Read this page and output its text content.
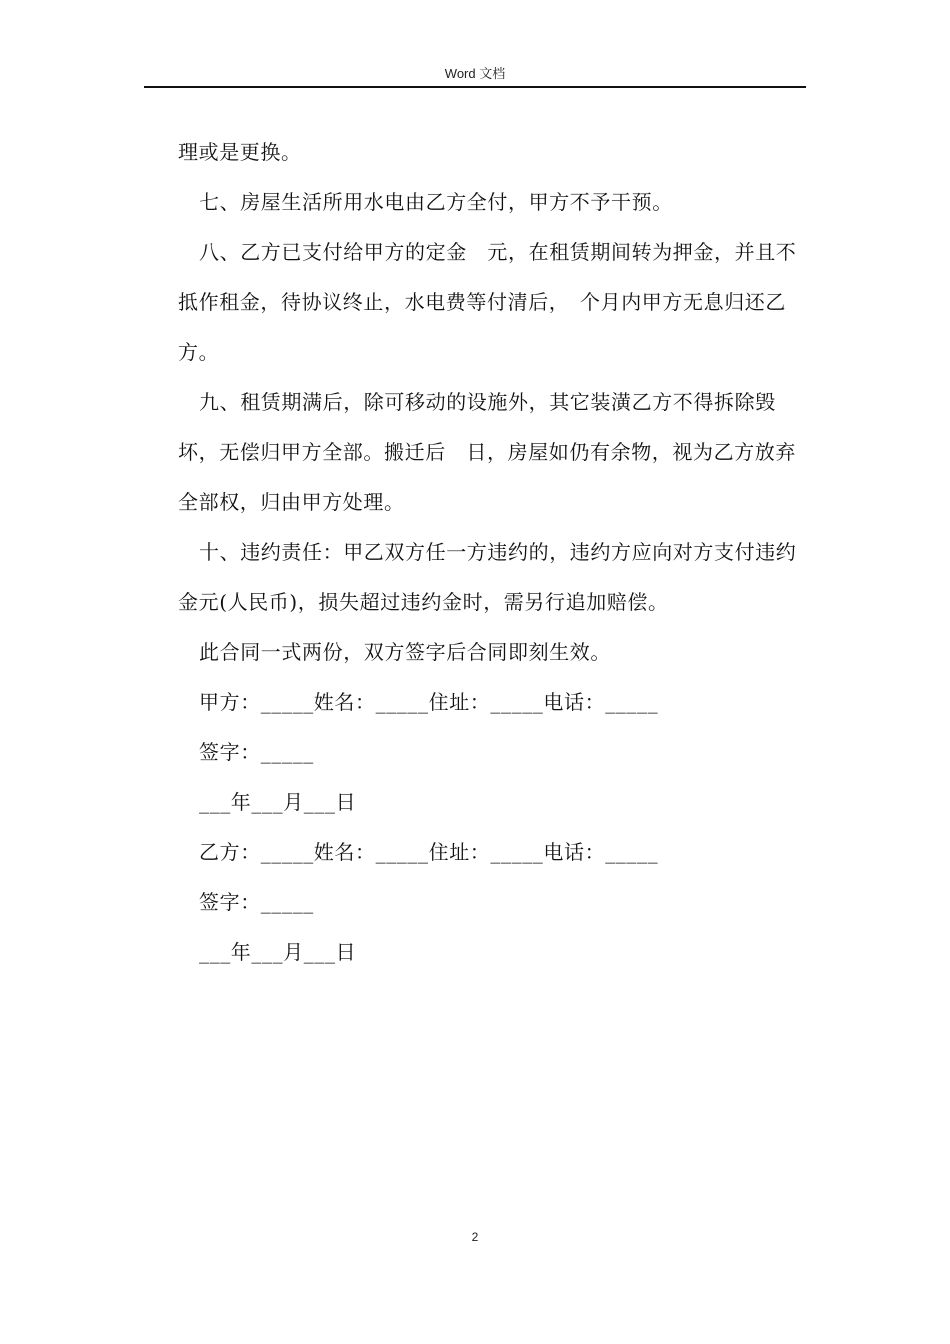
Word 文档

理或是更换。

七、房屋生活所用水电由乙方全付，甲方不予干预。

八、乙方已支付给甲方的定金　元，在租赁期间转为押金，并且不抵作租金，待协议终止，水电费等付清后，　个月内甲方无息归还乙方。

九、租赁期满后，除可移动的设施外，其它装潢乙方不得拆除毁坏，无偿归甲方全部。搬迁后　日，房屋如仍有余物，视为乙方放弃全部权，归由甲方处理。

十、违约责任：甲乙双方任一方违约的，违约方应向对方支付违约金元(人民币)，损失超过违约金时，需另行追加赔偿。

此合同一式两份，双方签字后合同即刻生效。

甲方：_____姓名：_____住址：_____电话：_____

签字：_____

___年___月___日

乙方：_____姓名：_____住址：_____电话：_____

签字：_____

___年___月___日

2
